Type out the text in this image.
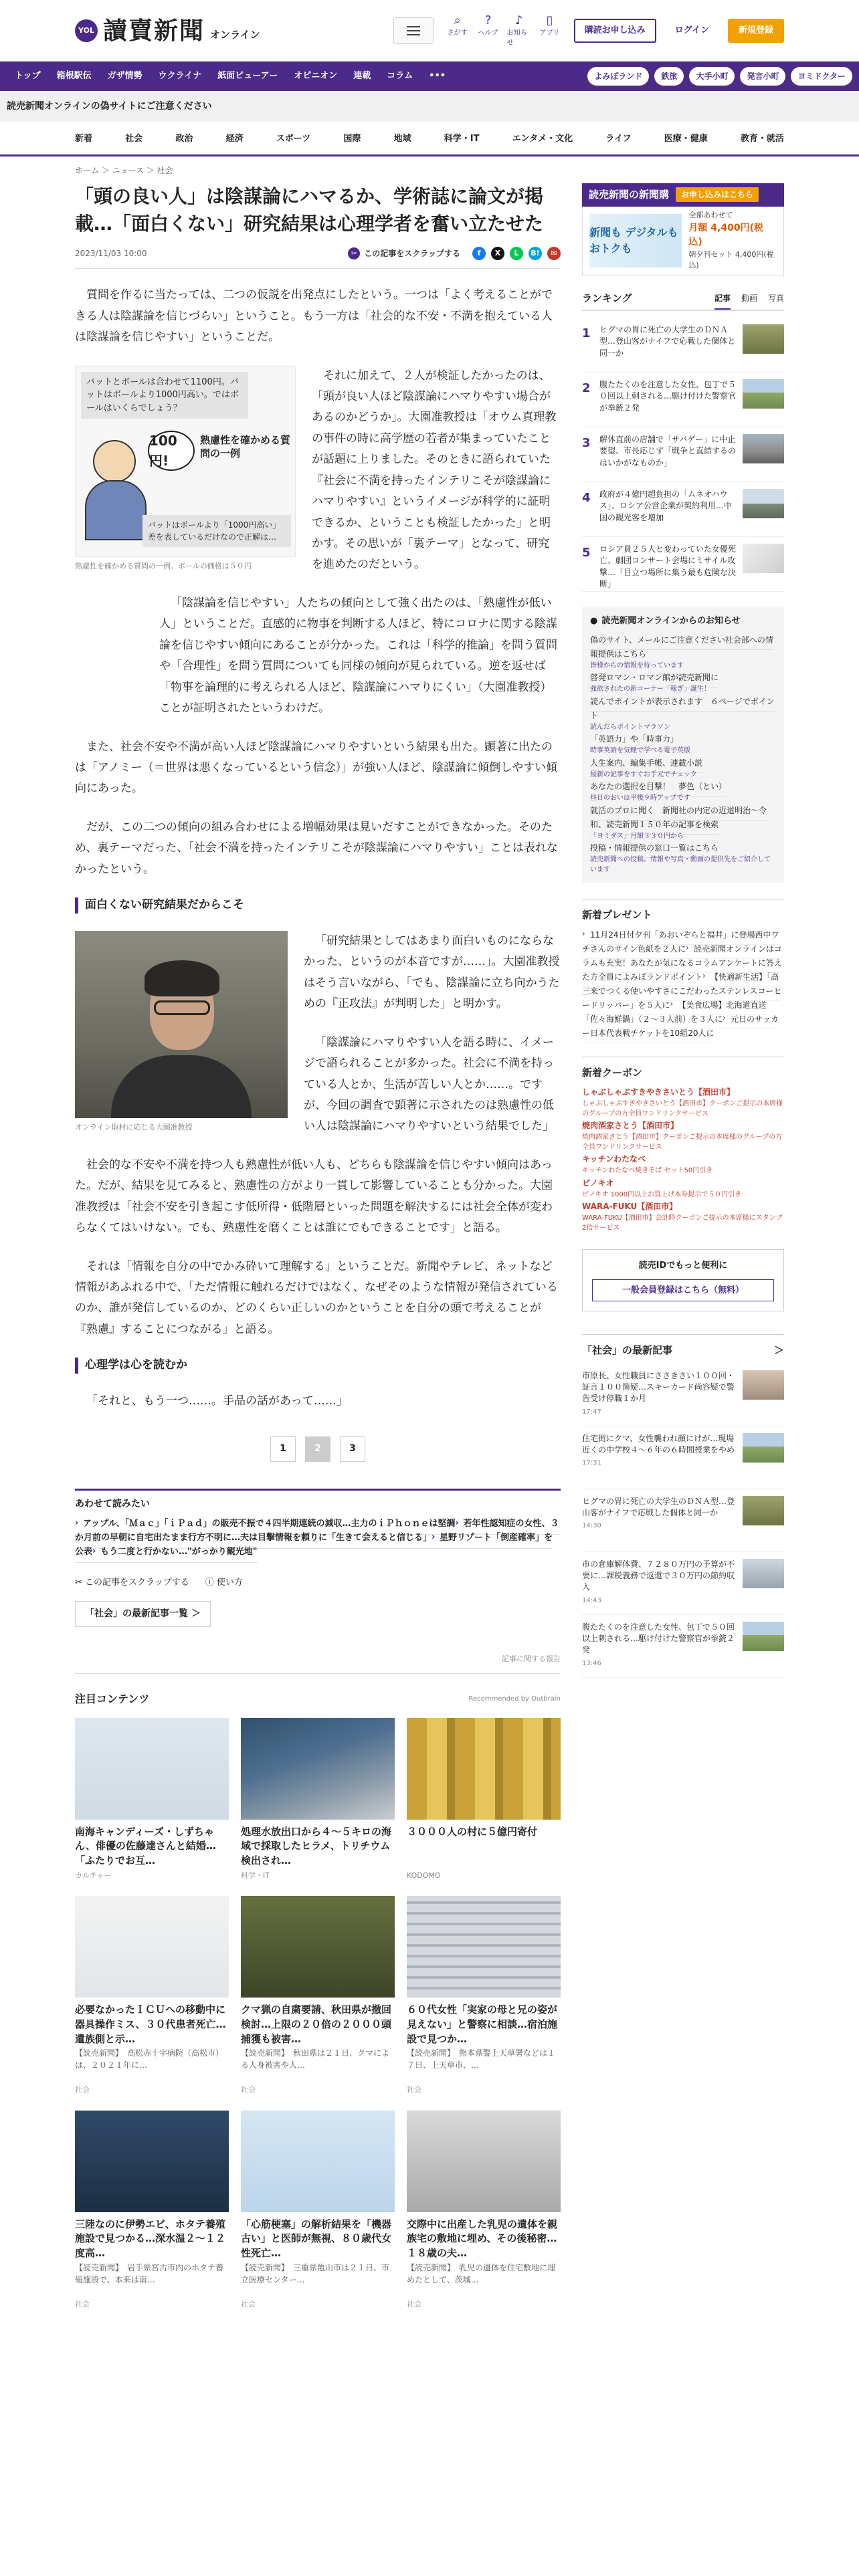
YOL 讀賣新聞 オンライン
⌕
さがす
?
ヘルプ
♪
お知らせ
▯
アプリ	購読お申し込み	ログイン	新規登録
トップ	箱根駅伝	ガザ情勢	ウクライナ	紙面ビューアー	オピニオン	連載	コラム	•••	よみぽランド	鉄旅	大手小町	発言小町	ヨミドクター
読売新聞オンラインの偽サイトにご注意ください
新着	社会	政治	経済	スポーツ	国際	地域	科学・IT	エンタメ・文化	ライフ	医療・健康	教育・就活
ホーム ＞ ニュース ＞ 社会
「頭の良い人」は陰謀論にハマるか、学術誌に論文が掲載…「面白くない」研究結果は心理学者を奮い立たせた
2023/11/03 10:00	✂ この記事をスクラップする	f	X	L	B!	✉

質問を作るに当たっては、二つの仮説を出発点にしたという。一つは「よく考えることができる人は陰謀論を信じづらい」ということ。もう一方は「社会的な不安・不満を抱えている人は陰謀論を信じやすい」ということだ。

バットとボールは合わせて1100円。バットはボールより1000円高い。ではボールはいくらでしょう？
100円!
熟慮性を確かめる質問の一例
バットはボールより「1000円高い」差を表しているだけなので正解は…
熟慮性を確かめる質問の一例。ボールの価格は５０円

それに加えて、２人が検証したかったのは、「頭が良い人ほど陰謀論にハマりやすい場合があるのかどうか」。大園准教授は「オウム真理教の事件の時に高学歴の若者が集まっていたことが話題に上りました。そのときに語られていた『社会に不満を持ったインテリこそが陰謀論にハマりやすい』というイメージが科学的に証明できるか、ということも検証したかった」と明かす。その思いが「裏テーマ」となって、研究を進めたのだという。

「陰謀論を信じやすい」人たちの傾向として強く出たのは、「熟慮性が低い人」ということだ。直感的に物事を判断する人ほど、特にコロナに関する陰謀論を信じやすい傾向にあることが分かった。これは「科学的推論」を問う質問や「合理性」を問う質問についても同様の傾向が見られている。逆を返せば「物事を論理的に考えられる人ほど、陰謀論にハマりにくい」（大園准教授）ことが証明されたというわけだ。

また、社会不安や不満が高い人ほど陰謀論にハマりやすいという結果も出た。顕著に出たのは「アノミー（＝世界は悪くなっているという信念）」が強い人ほど、陰謀論に傾倒しやすい傾向にあった。

だが、この二つの傾向の組み合わせによる増幅効果は見いだすことができなかった。そのため、裏テーマだった、「社会不満を持ったインテリこそが陰謀論にハマりやすい」ことは表れなかったという。

面白くない研究結果だからこそ
オンライン取材に応じる大園准教授

「研究結果としてはあまり面白いものにならなかった、というのが本音ですが……」。大園准教授はそう言いながら、「でも、陰謀論に立ち向かうための『正攻法』が判明した」と明かす。

「陰謀論にハマりやすい人を語る時に、イメージで語られることが多かった。社会に不満を持っている人とか、生活が苦しい人とか……。ですが、今回の調査で顕著に示されたのは熟慮性の低い人は陰謀論にハマりやすいという結果でした」

社会的な不安や不満を持つ人も熟慮性が低い人も、どちらも陰謀論を信じやすい傾向はあった。だが、結果を見てみると、熟慮性の方がより一貫して影響していることも分かった。大園准教授は「社会不安を引き起こす低所得・低階層といった問題を解決するには社会全体が変わらなくてはいけない。でも、熟慮性を磨くことは誰にでもできることです」と語る。

それは「情報を自分の中でかみ砕いて理解する」ということだ。新聞やテレビ、ネットなど情報があふれる中で、「ただ情報に触れるだけではなく、なぜそのような情報が発信されているのか、誰が発信しているのか、どのくらい正しいのかということを自分の頭で考えることが『熟慮』することにつながる」と語る。

心理学は心を読むか

「それと、もう一つ……。手品の話があって……」

1	2	3
あわせて読みたい
› アップル、「Ｍａｃ」「ｉＰａｄ」の販売不振で４四半期連続の減収…主力のｉＰｈｏｎｅは堅調 › 若年性認知症の女性、３か月前の早朝に自宅出たまま行方不明に…夫は目撃情報を頼りに「生きて会えると信じる」 › 星野リゾート「倒産確率」を公表 › もう二度と行かない…"がっかり観光地"
✂ この記事をスクラップする ⓘ 使い方
「社会」の最新記事一覧 ＞
記事に関する報告
注目コンテンツ	Recommended by Outbrain
南海キャンディーズ・しずちゃん、俳優の佐藤達さんと結婚…「ふたりでお互…
カルチャー
処理水放出口から４～５キロの海域で採取したヒラメ、トリチウム検出され…
科学・IT
３０００人の村に５億円寄付
KODOMO
必要なかったＩＣＵへの移動中に器具操作ミス、３０代患者死亡…遺族側と示…
【読売新聞】　高松赤十字病院（高松市）は、２０２１年に…
社会
クマ猟の自粛要請、秋田県が撤回検討…上限の２０倍の２０００頭捕獲も被害…
【読売新聞】　秋田県は２１日、クマによる人身被害や人…
社会
６０代女性「実家の母と兄の姿が見えない」と警察に相談…宿泊施設で見つか…
【読売新聞】　熊本県警上天草署などは１７日、上天草市、…
社会
三陸なのに伊勢エビ、ホタテ養殖施設で見つかる…深水温２～１２度高…
【読売新聞】　岩手県宮古市内のホタテ養殖施設で、本来は南…
社会
「心筋梗塞」の解析結果を「機器古い」と医師が無視、８０歳代女性死亡…
【読売新聞】　三重県亀山市は２１日、市立医療センター…
社会
交際中に出産した乳児の遺体を親族宅の敷地に埋め、その後秘密…１８歳の夫…
【読売新聞】　乳児の遺体を住宅敷地に埋めたとして、茨城…
社会
読売新聞の新聞購	お申し込みはこちら
新聞も デジタルも おトクも
全部あわせて
月額 4,400円(税込)
朝夕刊セット 4,400円(税込)
ランキング	記事 動画 写真
1 ヒグマの胃に死亡の大学生のＤＮＡ型…登山客がナイフで応戦した個体と同一か
2 腹たたくのを注意した女性、包丁で５０回以上刺される…駆け付けた警察官が拳銃２発
3 解体直前の店舗で「サバゲー」に中止要望、市長応じず「戦争と直結するのはいかがなものか」
4 政府が４億円超負担の「ムネオハウス」、ロシア公営企業が契約利用…中国の観光客を増加
5 ロシア員２５人と変わっていた女優死亡、劇団コンサート会場にミサイル攻撃…「目立つ場所に集う最も危険な決断」
● 読売新聞オンラインからのお知らせ
偽のサイト、メールにご注意ください社会部への情報提供はこちら
皆様からの情報を待っています
啓発ロマン・ロマン館が読売新聞に
強欲されたの新コーナー「稼ぎ」誕生！
読んでポイントが表示されます　６ページでポイント
読んだらポイントマラソン
「英語力」や「時事力」
時事英語を気軽で学べる電子英版
人生案内、編集手帳、連載小説
最新の記事をすぐお手元でチェック
あなたの選択を目撃！　夢色（とい）
昼日のおいは平後９時アップです
就活のプロに聞く　新聞社の内定の近道明治～令和、読売新聞１５０年の記事を検索
「ヨミダス」月額３３０円から
投稿・情報提供の窓口一覧はこちら
読売新聞への投稿、情報や写真・動画の提供先をご紹介しています
新着プレゼント
› 11月24日付夕刊「あおいぞらと福井」に登場西中ワチさんのサイン色紙を２人に › 読売新聞オンラインはコラムも充実！あなたが気になるコラムアンケートに答えた方全員によみぽランドポイント › 【快適新生活】「高三来でつくる使いやすさにこだわったステンレスコーヒードリッパー」を５人に › 【美食広場】北海道直送「佐々海鮮鍋」（２～３人前）を３人に › 元日のサッカー日本代表戦チケットを10組20人に
新着クーポン
しゃぶしゃぶすきやきさいとう【酒田市】
しゃぶしゃぶすきやきさいとう【酒田市】クーポンご提示の本席様のグループの方全員ワンドリンクサービス
焼肉酒家さとう【酒田市】
焼肉酒家さとう【酒田市】クーポンご提示の本席様のグループの方全員ワンドリンクサービス
キッチンわたなべ
キッチンわたなべ焼きそば セット50円引き
ピノキオ
ピノキオ 1000円以上お買上げ本券提示で５０円引き
WARA-FUKU【酒田市】
WARA-FUKU【酒田市】会計時クーポンご提示の本席様にスタンプ2倍サービス
読売IDでもっと便利に
一般会員登録はこちら（無料）
「社会」の最新記事	＞
市原長、女性職員にささきさい１００回・証言１００箇疑…スキーカード尚容疑で警告受け停職１か月
17:47
住宅街にクマ、女性襲われ顔にけが…現場近くの中学校４～６年の６時間授業をやめ
17:31
ヒグマの胃に死亡の大学生のＤＮＡ型…登山客がナイフで応戦した個体と同一か
14:30
市の倉庫解体費、７２８０万円の予算が不要に…課税義務で返還で３０万円の節約収入
14:43
腹たたくのを注意した女性、包丁で５０回以上刺される…駆け付けた警察官が拳銃２発
13:46
